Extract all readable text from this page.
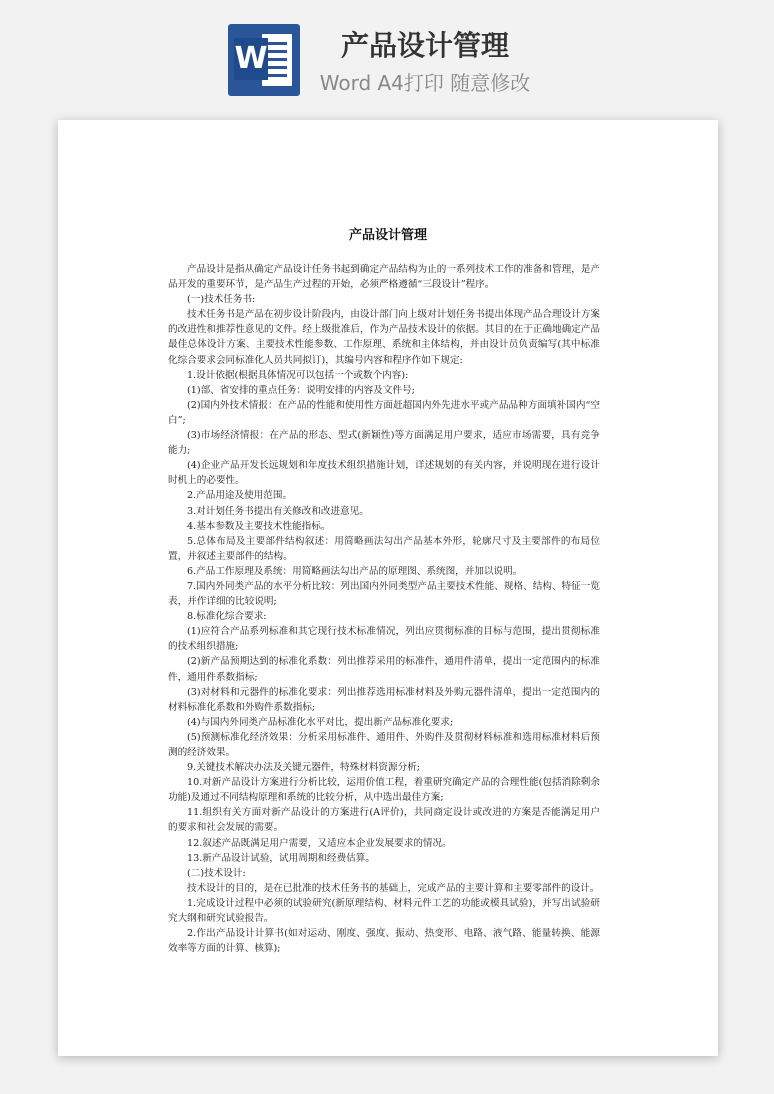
W	产品设计管理
Word A4打印 随意修改
产品设计管理

产品设计是指从确定产品设计任务书起到确定产品结构为止的一系列技术工作的准备和管理，是产品开发的重要环节，是产品生产过程的开始，必须严格遵循“三段设计”程序。

(一)技术任务书:

技术任务书是产品在初步设计阶段内，由设计部门向上级对计划任务书提出体现产品合理设计方案的改进性和推荐性意见的文件。经上级批准后，作为产品技术设计的依据。其目的在于正确地确定产品最佳总体设计方案、主要技术性能参数、工作原理、系统和主体结构，并由设计员负责编写(其中标准化综合要求会同标准化人员共同拟订)，其编号内容和程序作如下规定:

1.设计依据(根据具体情况可以包括一个或数个内容):

(1)部、省安排的重点任务：说明安排的内容及文件号;

(2)国内外技术情报：在产品的性能和使用性方面赶超国内外先进水平或产品品种方面填补国内“空白”;

(3)市场经济情报：在产品的形态、型式(新颖性)等方面满足用户要求，适应市场需要，具有竞争能力;

(4)企业产品开发长远规划和年度技术组织措施计划，详述规划的有关内容，并说明现在进行设计时机上的必要性。

2.产品用途及使用范围。

3.对计划任务书提出有关修改和改进意见。

4.基本参数及主要技术性能指标。

5.总体布局及主要部件结构叙述：用简略画法勾出产品基本外形，轮廓尺寸及主要部件的布局位置，并叙述主要部件的结构。

6.产品工作原理及系统：用简略画法勾出产品的原理图、系统图，并加以说明。

7.国内外同类产品的水平分析比较：列出国内外同类型产品主要技术性能、规格、结构、特征一览表，并作详细的比较说明;

8.标准化综合要求:

(1)应符合产品系列标准和其它现行技术标准情况，列出应贯彻标准的目标与范围，提出贯彻标准的技术组织措施;

(2)新产品预期达到的标准化系数：列出推荐采用的标准件，通用件清单，提出一定范围内的标准件，通用件系数指标;

(3)对材料和元器件的标准化要求：列出推荐选用标准材料及外购元器件清单，提出一定范围内的材料标准化系数和外购件系数指标;

(4)与国内外同类产品标准化水平对比，提出新产品标准化要求;

(5)预测标准化经济效果：分析采用标准件、通用件、外购件及贯彻材料标准和选用标准材料后预测的经济效果。

9.关键技术解决办法及关键元器件，特殊材料资源分析;

10.对新产品设计方案进行分析比较，运用价值工程，着重研究确定产品的合理性能(包括消除剩余功能)及通过不同结构原理和系统的比较分析，从中选出最佳方案;

11.组织有关方面对新产品设计的方案进行(A评价)，共同商定设计或改进的方案是否能满足用户的要求和社会发展的需要。

12.叙述产品既满足用户需要，又适应本企业发展要求的情况。

13.新产品设计试验，试用周期和经费估算。

(二)技术设计:

技术设计的目的，是在已批准的技术任务书的基础上，完成产品的主要计算和主要零部件的设计。

1.完成设计过程中必须的试验研究(新原理结构、材料元件工艺的功能或模具试验)，并写出试验研究大纲和研究试验报告。

2.作出产品设计计算书(如对运动、刚度、强度、振动、热变形、电路、液气路、能量转换、能源效率等方面的计算、核算);
